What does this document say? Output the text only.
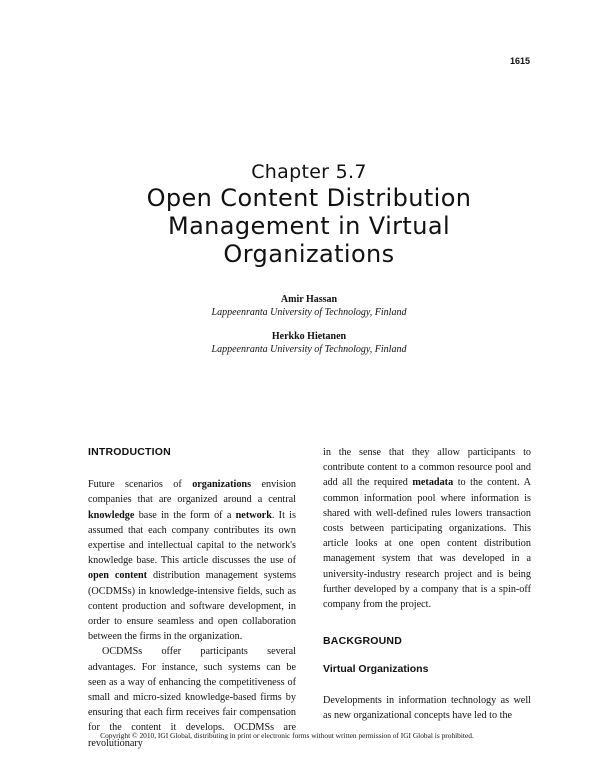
1615
Chapter 5.7
Open Content Distribution
Management in Virtual
Organizations
Amir Hassan
Lappeenranta University of Technology, Finland
Herkko Hietanen
Lappeenranta University of Technology, Finland

INTRODUCTION

Future scenarios of organizations envision companies that are organized around a central knowledge base in the form of a network. It is assumed that each company contributes its own expertise and intellectual capital to the network's knowledge base. This article discusses the use of open content distribution management systems (OCDMSs) in knowledge-intensive fields, such as content production and software development, in order to ensure seamless and open collaboration between the firms in the organization.

OCDMSs offer participants several advantages. For instance, such systems can be seen as a way of enhancing the competitiveness of small and micro-sized knowledge-based firms by ensuring that each firm receives fair compensation for the content it develops. OCDMSs are revolutionary

in the sense that they allow participants to contribute content to a common resource pool and add all the required metadata to the content. A common information pool where information is shared with well-defined rules lowers transaction costs between participating organizations. This article looks at one open content distribution management system that was developed in a university-industry research project and is being further developed by a company that is a spin-off company from the project.

BACKGROUND

Virtual Organizations

Developments in information technology as well as new organizational concepts have led to the

Copyright © 2010, IGI Global, distributing in print or electronic forms without written permission of IGI Global is prohibited.
